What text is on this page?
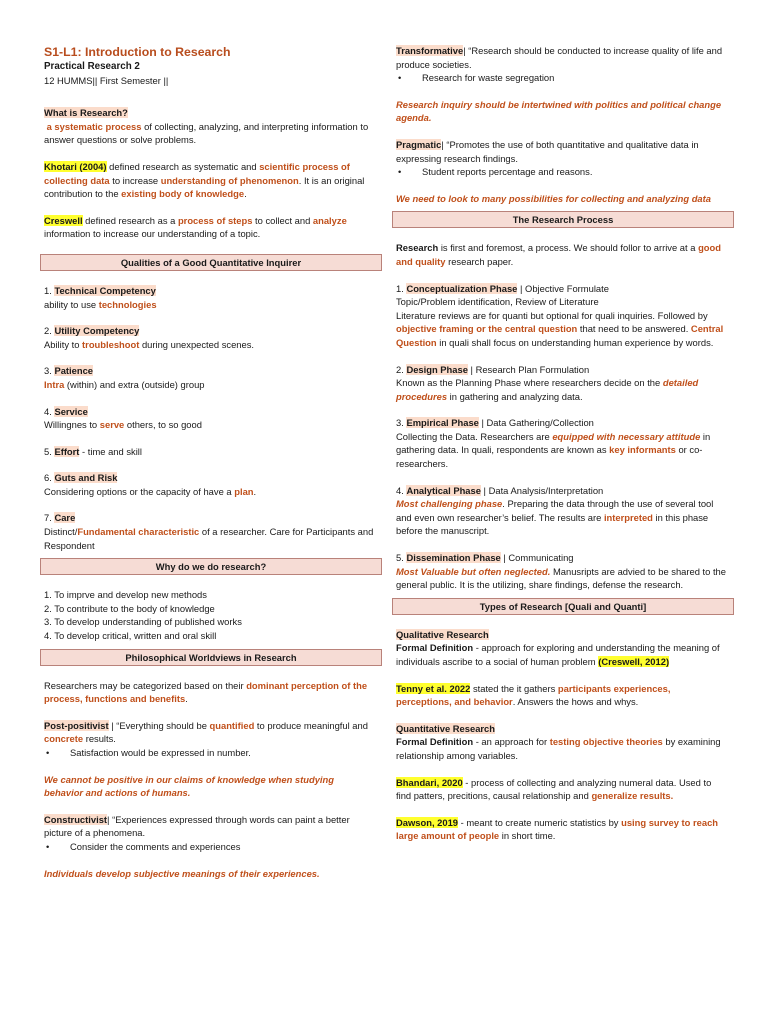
S1-L1: Introduction to Research

Practical Research 2

12 HUMMS|| First Semester ||

What is Research?

a systematic process of collecting, analyzing, and interpreting information to answer questions or solve problems.

Khotari (2004) defined research as systematic and scientific process of collecting data to increase understanding of phenomenon. It is an original contribution to the existing body of knowledge.

Creswell defined research as a process of steps to collect and analyze information to increase our understanding of a topic.

Qualities of a Good Quantitative Inquirer

1. Technical Competency

ability to use technologies

2. Utility Competency

Ability to troubleshoot during unexpected scenes.

3. Patience

Intra (within) and extra (outside) group

4. Service

Willingnes to serve others, to so good

5. Effort - time and skill

6. Guts and Risk

Considering options or the capacity of have a plan.

7. Care

Distinct/Fundamental characteristic of a researcher. Care for Participants and Respondent

Why do we do research?

1. To imprve and develop new methods

2. To contribute to the body of knowledge

3. To develop understanding of published works

4. To develop critical, written and oral skill

Philosophical Worldviews in Research

Researchers may be categorized based on their dominant perception of the process, functions and benefits.

Post-positivist | “Everything should be quantified to produce meaningful and concrete results.

• Satisfaction would be expressed in number.

We cannot be positive in our claims of knowledge when studying behavior and actions of humans.

Constructivist| “Experiences expressed through words can paint a better picture of a phenomena.

• Consider the comments and experiences

Individuals develop subjective meanings of their experiences.

Transformative| “Research should be conducted to increase quality of life and produce societies.

• Research for waste segregation

Research inquiry should be intertwined with politics and political change agenda.

Pragmatic| “Promotes the use of both quantitative and qualitative data in expressing research findings.

• Student reports percentage and reasons.

We need to look to many possibilities for collecting and analyzing data

The Research Process

Research is first and foremost, a process. We should follor to arrive at a good and quality research paper.

1. Conceptualization Phase | Objective Formulate

Topic/Problem identification, Review of Literature

Literature reviews are for quanti but optional for quali inquiries. Followed by objective framing or the central question that need to be answered. Central Question in quali shall focus on understanding human experience by words.

2. Design Phase | Research Plan Formulation

Known as the Planning Phase where researchers decide on the detailed procedures in gathering and analyzing data.

3. Empirical Phase | Data Gathering/Collection

Collecting the Data. Researchers are equipped with necessary attitude in gathering data. In quali, respondents are known as key informants or co-researchers.

4. Analytical Phase | Data Analysis/Interpretation

Most challenging phase. Preparing the data through the use of several tool and even own researcher’s belief. The results are interpreted in this phase before the manuscript.

5. Dissemination Phase | Communicating

Most Valuable but often neglected. Manusripts are advied to be shared to the general public. It is the utilizing, share findings, defense the research.

Types of Research [Quali and Quanti]

Qualitative Research

Formal Definition - approach for exploring and understanding the meaning of individuals ascribe to a social of human problem (Creswell, 2012)

Tenny et al. 2022 stated the it gathers participants experiences, perceptions, and behavior. Answers the hows and whys.

Quantitative Research

Formal Definition - an approach for testing objective theories by examining relationship among variables.

Bhandari, 2020 - process of collecting and analyzing numeral data. Used to find patters, precitions, causal relationship and generalize results.

Dawson, 2019 - meant to create numeric statistics by using survey to reach large amount of people in short time.
